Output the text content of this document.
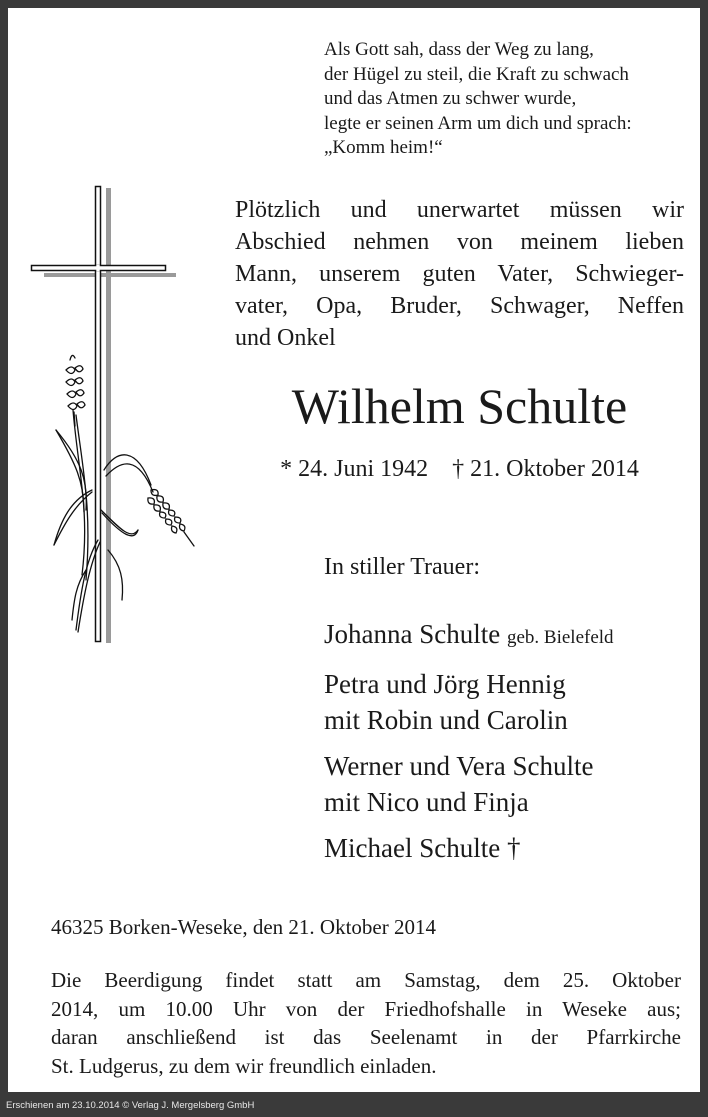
Als Gott sah, dass der Weg zu lang,
der Hügel zu steil, die Kraft zu schwach
und das Atmen zu schwer wurde,
legte er seinen Arm um dich und sprach:
„Komm heim!“
Plötzlich und unerwartet müssen wir
Abschied nehmen von meinem lieben
Mann, unserem guten Vater, Schwieger-
vater, Opa, Bruder, Schwager, Neffen
und Onkel
Wilhelm Schulte
* 24. Juni 1942 † 21. Oktober 2014
In stiller Trauer:
Johanna Schulte geb. Bielefeld
Petra und Jörg Hennig
mit Robin und Carolin
Werner und Vera Schulte
mit Nico und Finja
Michael Schulte †
46325 Borken-Weseke, den 21. Oktober 2014
Die Beerdigung findet statt am Samstag, dem 25. Oktober
2014, um 10.00 Uhr von der Friedhofshalle in Weseke aus;
daran anschließend ist das Seelenamt in der Pfarrkirche
St. Ludgerus, zu dem wir freundlich einladen.
Erschienen am 23.10.2014 © Verlag J. Mergelsberg GmbH
